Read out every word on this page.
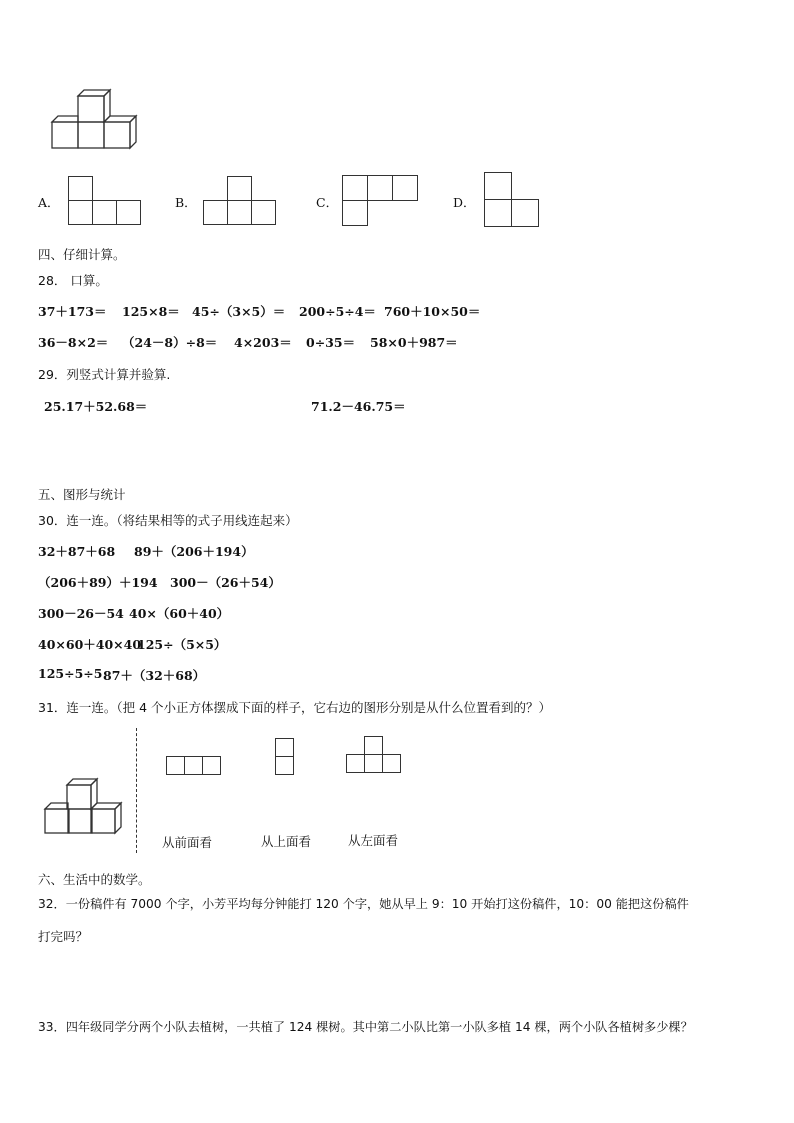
A．	B．	C．	D．
四、仔细计算。
28． 口算。
37＋173＝ 125×8＝ 45÷（3×5）＝ 200÷5÷4＝ 760＋10×50＝
36－8×2＝ （24－8）÷8＝ 4×203＝ 0÷35＝ 58×0＋987＝
29．列竖式计算并验算.
25.17＋52.68＝	71.2－46.75＝
五、图形与统计
30．连一连。（将结果相等的式子用线连起来）
32＋87＋68 89＋（206＋194）
（206＋89）＋194 300－（26＋54）
300－26－54 40×（60＋40）
40×60＋40×40
125÷（5×5）
125÷5÷5 87＋（32＋68）
31．连一连。（把 4 个小正方体摆成下面的样子，它右边的图形分别是从什么位置看到的？）
从前面看	从上面看	从左面看
六、生活中的数学。
32．一份稿件有 7000 个字，小芳平均每分钟能打 120 个字，她从早上 9：10 开始打这份稿件，10：00 能把这份稿件
打完吗？
33．四年级同学分两个小队去植树，一共植了 124 棵树。其中第二小队比第一小队多植 14 棵，两个小队各植树多少棵？
